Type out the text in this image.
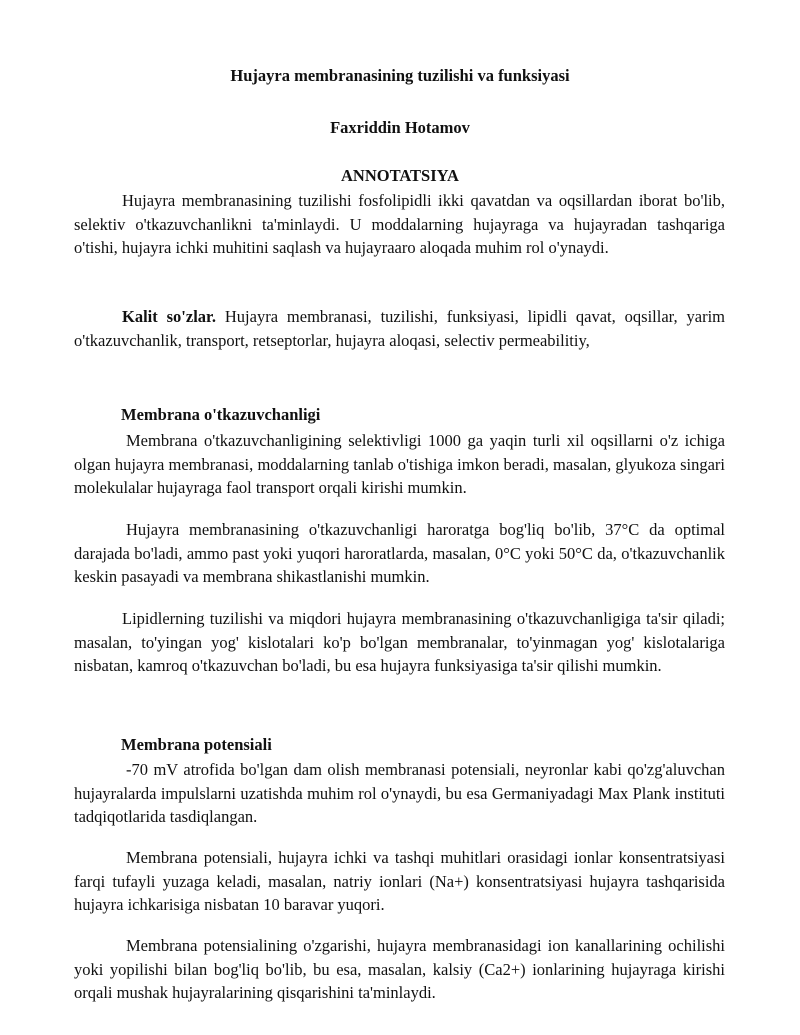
Hujayra membranasining tuzilishi va funksiyasi

Faxriddin Hotamov

ANNOTATSIYA

Hujayra membranasining tuzilishi fosfolipidli ikki qavatdan va oqsillardan iborat bo'lib, selektiv o'tkazuvchanlikni ta'minlaydi. U moddalarning hujayraga va hujayradan tashqariga o'tishi, hujayra ichki muhitini saqlash va hujayraaro aloqada muhim rol o'ynaydi.

Kalit so'zlar. Hujayra membranasi, tuzilishi, funksiyasi, lipidli qavat, oqsillar, yarim o'tkazuvchanlik, transport, retseptorlar, hujayra aloqasi, selectiv permeabilitiy,

Membrana o'tkazuvchanligi

Membrana o'tkazuvchanligining selektivligi 1000 ga yaqin turli xil oqsillarni o'z ichiga olgan hujayra membranasi, moddalarning tanlab o'tishiga imkon beradi, masalan, glyukoza singari molekulalar hujayraga faol transport orqali kirishi mumkin.

Hujayra membranasining o'tkazuvchanligi haroratga bog'liq bo'lib, 37°C da optimal darajada bo'ladi, ammo past yoki yuqori haroratlarda, masalan, 0°C yoki 50°C da, o'tkazuvchanlik keskin pasayadi va membrana shikastlanishi mumkin.

Lipidlerning tuzilishi va miqdori hujayra membranasining o'tkazuvchanligiga ta'sir qiladi; masalan, to'yingan yog' kislotalari ko'p bo'lgan membranalar, to'yinmagan yog' kislotalariga nisbatan, kamroq o'tkazuvchan bo'ladi, bu esa hujayra funksiyasiga ta'sir qilishi mumkin.

Membrana potensiali

-70 mV atrofida bo'lgan dam olish membranasi potensiali, neyronlar kabi qo'zg'aluvchan hujayralarda impulslarni uzatishda muhim rol o'ynaydi, bu esa Germaniyadagi Max Plank instituti tadqiqotlarida tasdiqlangan.

Membrana potensiali, hujayra ichki va tashqi muhitlari orasidagi ionlar konsentratsiyasi farqi tufayli yuzaga keladi, masalan, natriy ionlari (Na+) konsentratsiyasi hujayra tashqarisida hujayra ichkarisiga nisbatan 10 baravar yuqori.

Membrana potensialining o'zgarishi, hujayra membranasidagi ion kanallarining ochilishi yoki yopilishi bilan bog'liq bo'lib, bu esa, masalan, kalsiy (Ca2+) ionlarining hujayraga kirishi orqali mushak hujayralarining qisqarishini ta'minlaydi.
